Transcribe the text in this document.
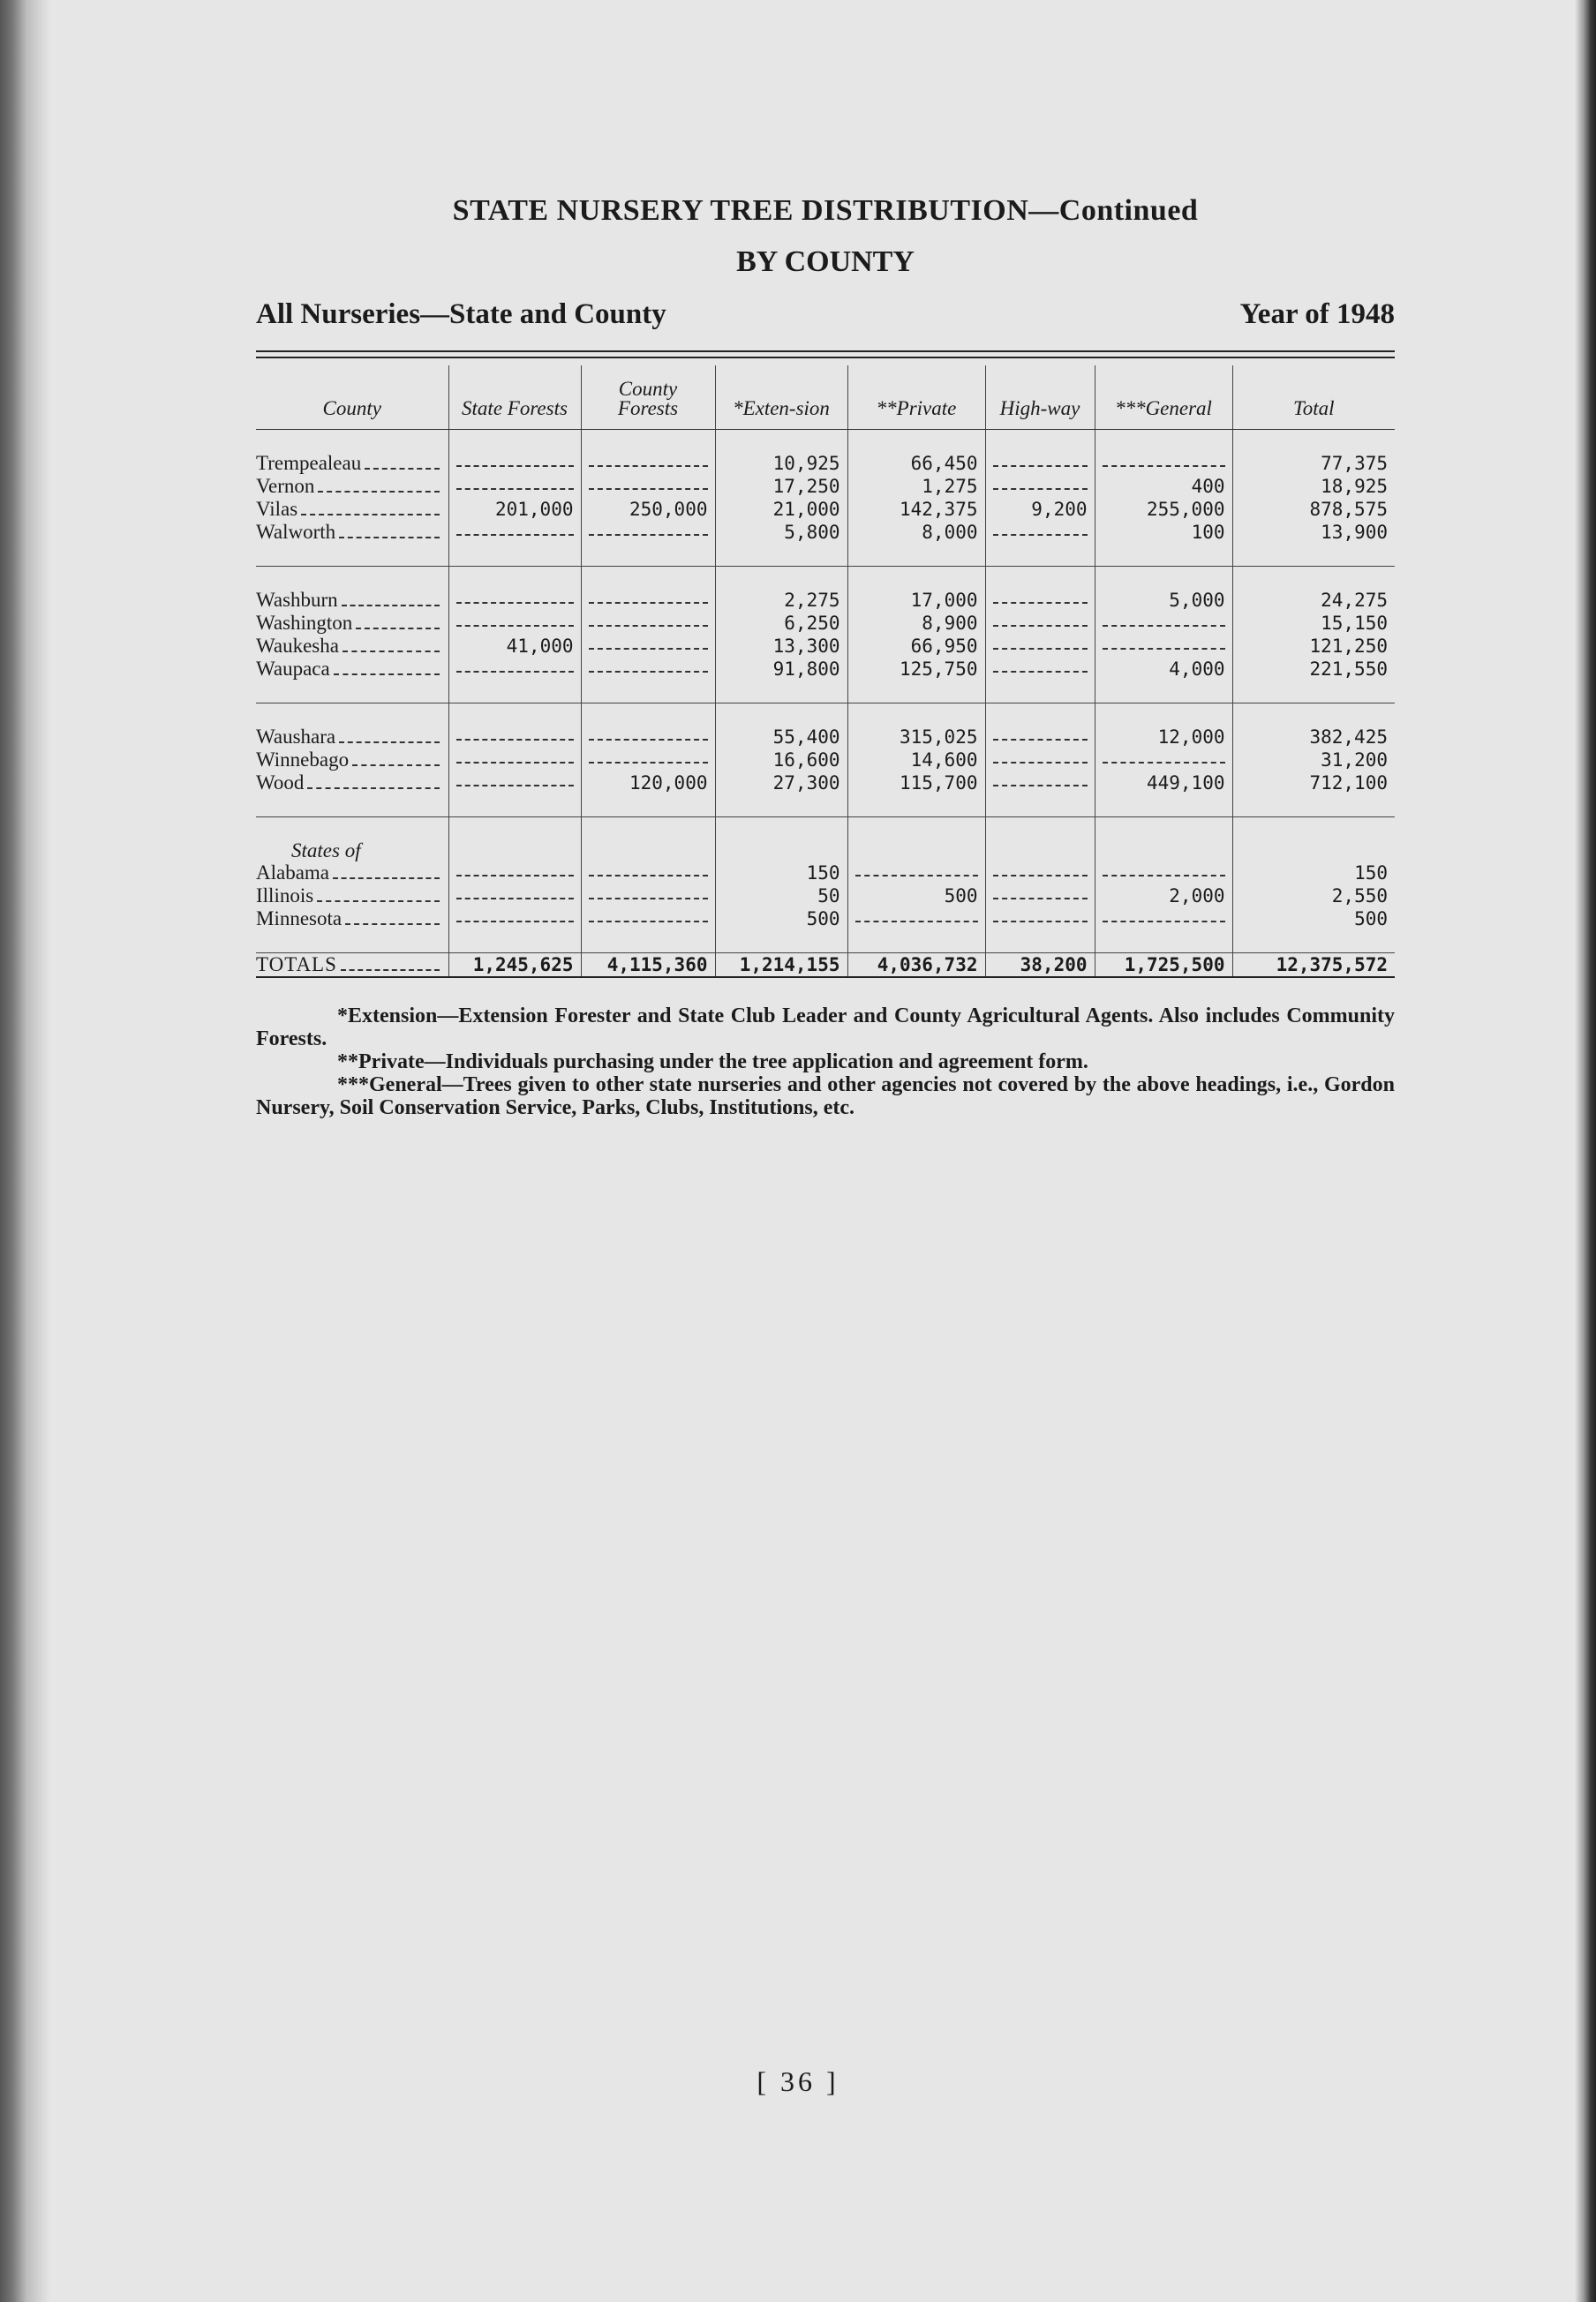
STATE NURSERY TREE DISTRIBUTION—Continued
BY COUNTY
All Nurseries—State and County	Year of 1948
County	State Forests	County Forests	*Exten-sion	**Private	High-way	***General	Total

Trempealeau			10,925	66,450			77,375

Vernon			17,250	1,275		400	18,925

Vilas	201,000	250,000	21,000	142,375	9,200	255,000	878,575

Walworth			5,800	8,000		100	13,900

Washburn			2,275	17,000		5,000	24,275

Washington			6,250	8,900			15,150

Waukesha	41,000		13,300	66,950			121,250

Waupaca			91,800	125,750		4,000	221,550

Waushara			55,400	315,025		12,000	382,425

Winnebago			16,600	14,600			31,200

Wood		120,000	27,300	115,700		449,100	712,100

States of							

Alabama			150				150

Illinois			50	500		2,000	2,550

Minnesota			500				500

TOTALS	1,245,625	4,115,360	1,214,155	4,036,732	38,200	1,725,500	12,375,572

*Extension—Extension Forester and State Club Leader and County Agricultural Agents. Also includes Community Forests.

**Private—Individuals purchasing under the tree application and agreement form.

***General—Trees given to other state nurseries and other agencies not covered by the above headings, i.e., Gordon Nursery, Soil Conservation Service, Parks, Clubs, Institutions, etc.

[ 36 ]
